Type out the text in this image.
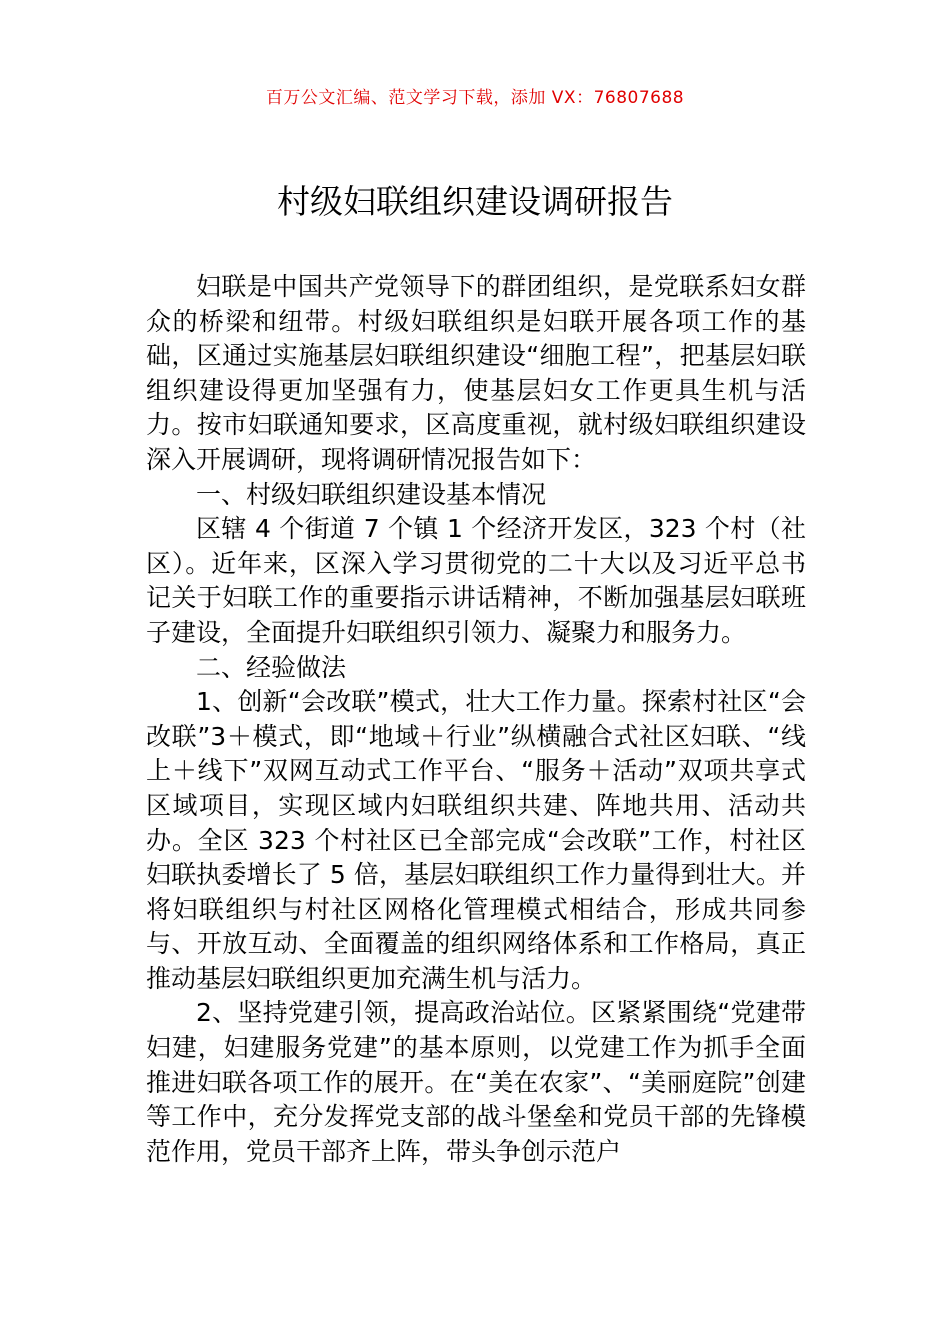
百万公文汇编、范文学习下载，添加 VX：76807688
村级妇联组织建设调研报告

妇联是中国共产党领导下的群团组织，是党联系妇女群众的桥梁和纽带。村级妇联组织是妇联开展各项工作的基础，区通过实施基层妇联组织建设“细胞工程”，把基层妇联组织建设得更加坚强有力，使基层妇女工作更具生机与活力。按市妇联通知要求，区高度重视，就村级妇联组织建设深入开展调研，现将调研情况报告如下：

一、村级妇联组织建设基本情况

区辖 4 个街道 7 个镇 1 个经济开发区，323 个村（社区）。近年来，区深入学习贯彻党的二十大以及习近平总书记关于妇联工作的重要指示讲话精神，不断加强基层妇联班子建设，全面提升妇联组织引领力、凝聚力和服务力。

二、经验做法

1、创新“会改联”模式，壮大工作力量。探索村社区“会改联”3＋模式，即“地域＋行业”纵横融合式社区妇联、“线上＋线下”双网互动式工作平台、“服务＋活动”双项共享式区域项目，实现区域内妇联组织共建、阵地共用、活动共办。全区 323 个村社区已全部完成“会改联”工作，村社区妇联执委增长了 5 倍，基层妇联组织工作力量得到壮大。并将妇联组织与村社区网格化管理模式相结合，形成共同参与、开放互动、全面覆盖的组织网络体系和工作格局，真正推动基层妇联组织更加充满生机与活力。

2、坚持党建引领，提高政治站位。区紧紧围绕“党建带妇建，妇建服务党建”的基本原则，以党建工作为抓手全面推进妇联各项工作的展开。在“美在农家”、“美丽庭院”创建等工作中，充分发挥党支部的战斗堡垒和党员干部的先锋模范作用，党员干部齐上阵，带头争创示范户
